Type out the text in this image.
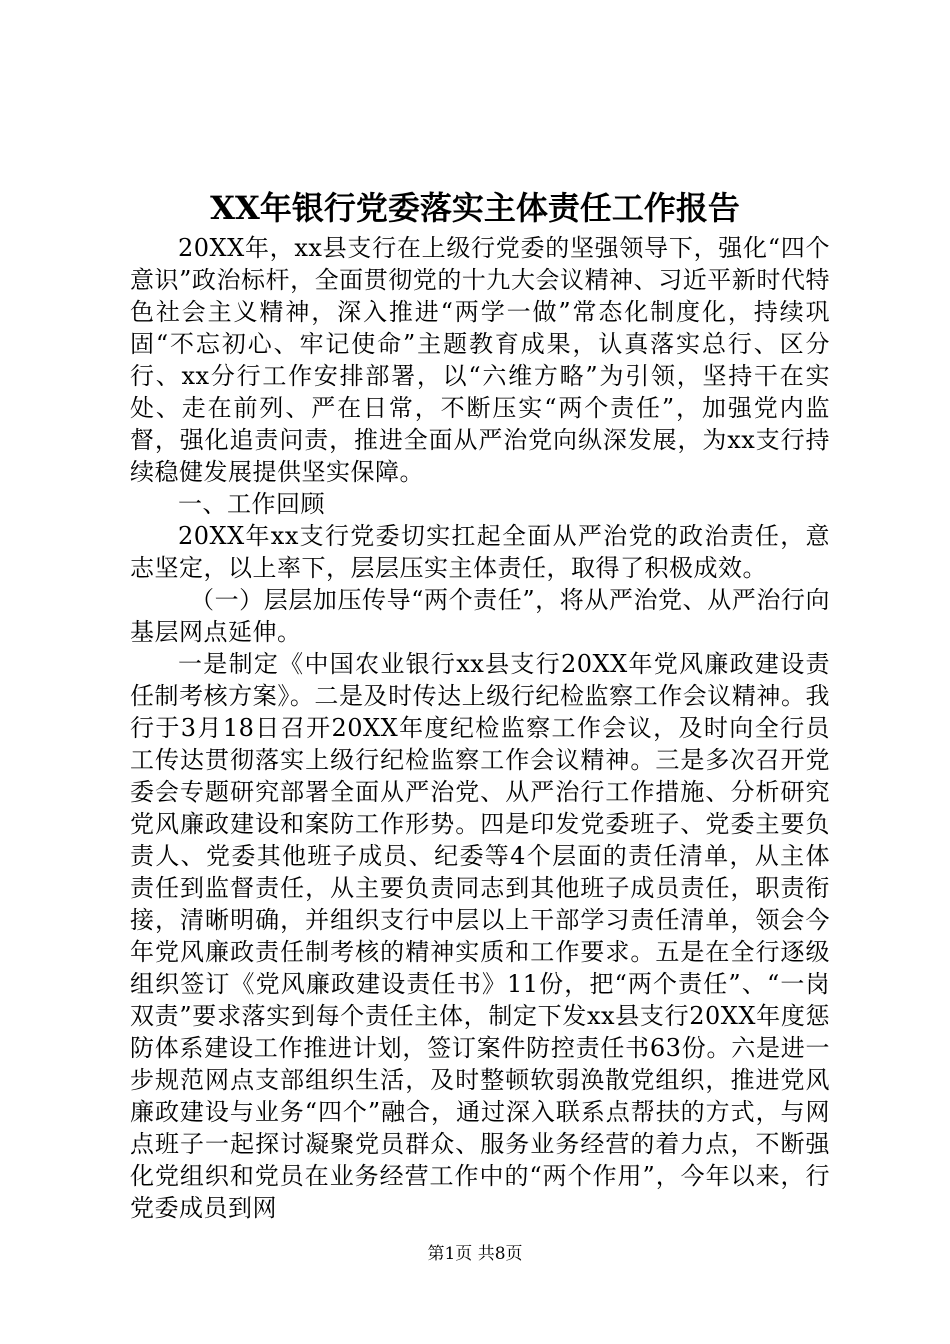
XX年银行党委落实主体责任工作报告

20XX年，xx县支行在上级行党委的坚强领导下，强化“四个意识”政治标杆，全面贯彻党的十九大会议精神、习近平新时代特色社会主义精神，深入推进“两学一做”常态化制度化，持续巩固“不忘初心、牢记使命”主题教育成果，认真落实总行、区分行、xx分行工作安排部署，以“六维方略”为引领，坚持干在实处、走在前列、严在日常，不断压实“两个责任”，加强党内监督，强化追责问责，推进全面从严治党向纵深发展，为xx支行持续稳健发展提供坚实保障。

一、工作回顾

20XX年xx支行党委切实扛起全面从严治党的政治责任，意志坚定，以上率下，层层压实主体责任，取得了积极成效。

（一）层层加压传导“两个责任”，将从严治党、从严治行向基层网点延伸。

一是制定《中国农业银行xx县支行20XX年党风廉政建设责任制考核方案》。二是及时传达上级行纪检监察工作会议精神。我行于3月18日召开20XX年度纪检监察工作会议，及时向全行员工传达贯彻落实上级行纪检监察工作会议精神。三是多次召开党委会专题研究部署全面从严治党、从严治行工作措施、分析研究党风廉政建设和案防工作形势。四是印发党委班子、党委主要负责人、党委其他班子成员、纪委等4个层面的责任清单，从主体责任到监督责任，从主要负责同志到其他班子成员责任，职责衔接，清晰明确，并组织支行中层以上干部学习责任清单，领会今年党风廉政责任制考核的精神实质和工作要求。五是在全行逐级组织签订《党风廉政建设责任书》11份，把“两个责任”、“一岗双责”要求落实到每个责任主体，制定下发xx县支行20XX年度惩防体系建设工作推进计划，签订案件防控责任书63份。六是进一步规范网点支部组织生活，及时整顿软弱涣散党组织，推进党风廉政建设与业务“四个”融合，通过深入联系点帮扶的方式，与网点班子一起探讨凝聚党员群众、服务业务经营的着力点，不断强化党组织和党员在业务经营工作中的“两个作用”，今年以来，行党委成员到网

第1页 共8页
